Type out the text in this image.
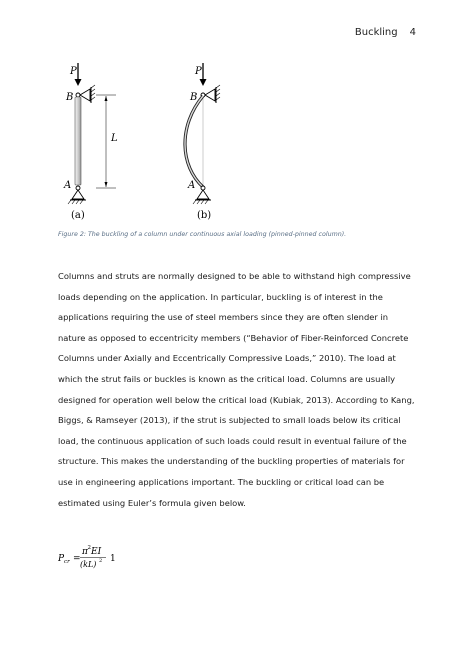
Buckling 4
P
B
L
A
(a)
P
B
A
(b)
Figure 2: The buckling of a column under continuous axial loading (pinned-pinned column).

Columns and struts are normally designed to be able to withstand high compressive loads depending on the application. In particular, buckling is of interest in the applications requiring the use of steel members since they are often slender in nature as opposed to eccentricity members (“Behavior of Fiber-Reinforced Concrete Columns under Axially and Eccentrically Compressive Loads,” 2010). The load at which the strut fails or buckles is known as the critical load. Columns are usually designed for operation well below the critical load (Kubiak, 2013). According to Kang, Biggs, & Ramseyer (2013), if the strut is subjected to small loads below its critical load, the continuous application of such loads could result in eventual failure of the structure. This makes the understanding of the buckling properties of materials for use in engineering applications important. The buckling or critical load can be estimated using Euler’s formula given below.

P cr =
π 2 EI
(kL) 2 1
